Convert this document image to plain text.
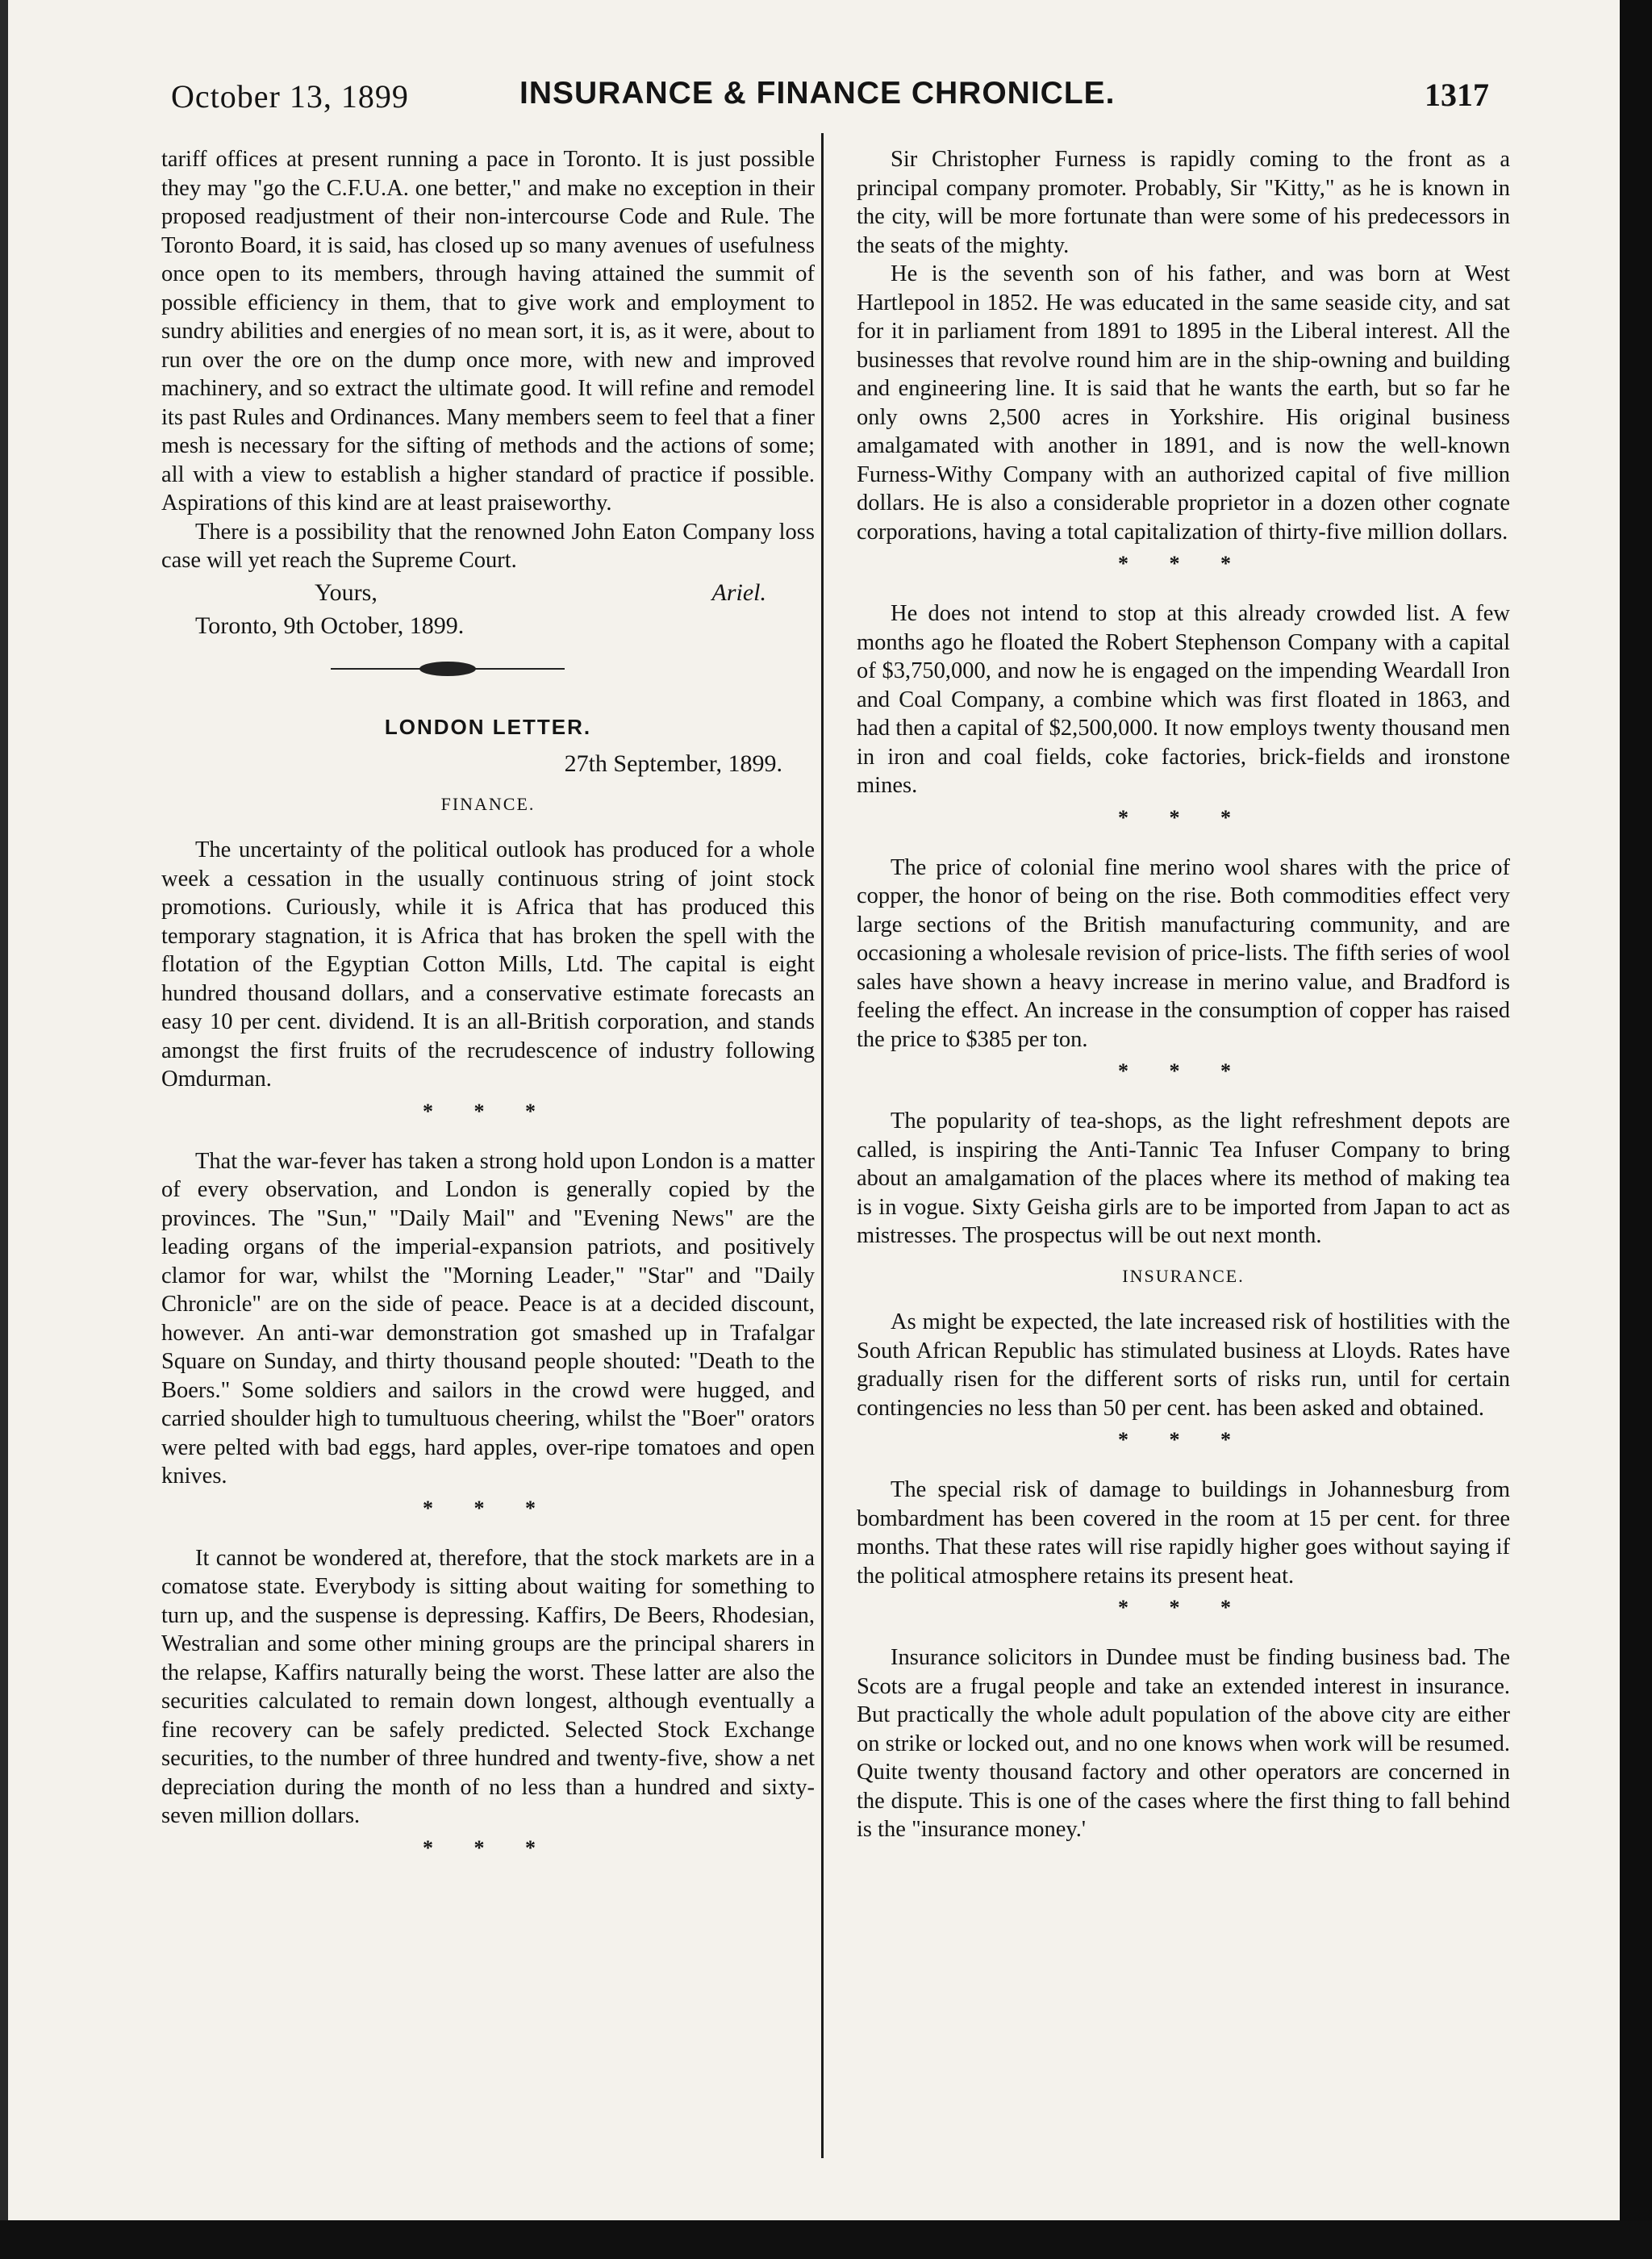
October 13, 1899	INSURANCE & FINANCE CHRONICLE.	1317

tariff offices at present running a pace in Toronto. It is just possible they may "go the C.F.U.A. one better," and make no exception in their proposed readjustment of their non-intercourse Code and Rule. The Toronto Board, it is said, has closed up so many avenues of usefulness once open to its members, through having attained the summit of possible efficiency in them, that to give work and employment to sundry abilities and energies of no mean sort, it is, as it were, about to run over the ore on the dump once more, with new and improved machinery, and so extract the ultimate good. It will refine and remodel its past Rules and Ordinances. Many members seem to feel that a finer mesh is necessary for the sifting of methods and the actions of some; all with a view to establish a higher standard of practice if possible. Aspirations of this kind are at least praiseworthy.

There is a possibility that the renowned John Eaton Company loss case will yet reach the Supreme Court.

Yours,	Ariel.
Toronto, 9th October, 1899.
LONDON LETTER.
27th September, 1899.
FINANCE.

The uncertainty of the political outlook has produced for a whole week a cessation in the usually continuous string of joint stock promotions. Curiously, while it is Africa that has produced this temporary stagnation, it is Africa that has broken the spell with the flotation of the Egyptian Cotton Mills, Ltd. The capital is eight hundred thousand dollars, and a conservative estimate forecasts an easy 10 per cent. dividend. It is an all-British corporation, and stands amongst the first fruits of the recrudescence of industry following Omdurman.

* * *

That the war-fever has taken a strong hold upon London is a matter of every observation, and London is generally copied by the provinces. The "Sun," "Daily Mail" and "Evening News" are the leading organs of the imperial-expansion patriots, and positively clamor for war, whilst the "Morning Leader," "Star" and "Daily Chronicle" are on the side of peace. Peace is at a decided discount, however. An anti-war demonstration got smashed up in Trafalgar Square on Sunday, and thirty thousand people shouted: "Death to the Boers." Some soldiers and sailors in the crowd were hugged, and carried shoulder high to tumultuous cheering, whilst the "Boer" orators were pelted with bad eggs, hard apples, over-ripe tomatoes and open knives.

* * *

It cannot be wondered at, therefore, that the stock markets are in a comatose state. Everybody is sitting about waiting for something to turn up, and the suspense is depressing. Kaffirs, De Beers, Rhodesian, Westralian and some other mining groups are the principal sharers in the relapse, Kaffirs naturally being the worst. These latter are also the securities calculated to remain down longest, although eventually a fine recovery can be safely predicted. Selected Stock Exchange securities, to the number of three hundred and twenty-five, show a net depreciation during the month of no less than a hundred and sixty-seven million dollars.

* * *

Sir Christopher Furness is rapidly coming to the front as a principal company promoter. Probably, Sir "Kitty," as he is known in the city, will be more fortunate than were some of his predecessors in the seats of the mighty.

He is the seventh son of his father, and was born at West Hartlepool in 1852. He was educated in the same seaside city, and sat for it in parliament from 1891 to 1895 in the Liberal interest. All the businesses that revolve round him are in the ship-owning and building and engineering line. It is said that he wants the earth, but so far he only owns 2,500 acres in Yorkshire. His original business amalgamated with another in 1891, and is now the well-known Furness-Withy Company with an authorized capital of five million dollars. He is also a considerable proprietor in a dozen other cognate corporations, having a total capitalization of thirty-five million dollars.

* * *

He does not intend to stop at this already crowded list. A few months ago he floated the Robert Stephenson Company with a capital of $3,750,000, and now he is engaged on the impending Weardall Iron and Coal Company, a combine which was first floated in 1863, and had then a capital of $2,500,000. It now employs twenty thousand men in iron and coal fields, coke factories, brick-fields and ironstone mines.

* * *

The price of colonial fine merino wool shares with the price of copper, the honor of being on the rise. Both commodities effect very large sections of the British manufacturing community, and are occasioning a wholesale revision of price-lists. The fifth series of wool sales have shown a heavy increase in merino value, and Bradford is feeling the effect. An increase in the consumption of copper has raised the price to $385 per ton.

* * *

The popularity of tea-shops, as the light refreshment depots are called, is inspiring the Anti-Tannic Tea Infuser Company to bring about an amalgamation of the places where its method of making tea is in vogue. Sixty Geisha girls are to be imported from Japan to act as mistresses. The prospectus will be out next month.

INSURANCE.

As might be expected, the late increased risk of hostilities with the South African Republic has stimulated business at Lloyds. Rates have gradually risen for the different sorts of risks run, until for certain contingencies no less than 50 per cent. has been asked and obtained.

* * *

The special risk of damage to buildings in Johannesburg from bombardment has been covered in the room at 15 per cent. for three months. That these rates will rise rapidly higher goes without saying if the political atmosphere retains its present heat.

* * *

Insurance solicitors in Dundee must be finding business bad. The Scots are a frugal people and take an extended interest in insurance. But practically the whole adult population of the above city are either on strike or locked out, and no one knows when work will be resumed. Quite twenty thousand factory and other operators are concerned in the dispute. This is one of the cases where the first thing to fall behind is the "insurance money.'
